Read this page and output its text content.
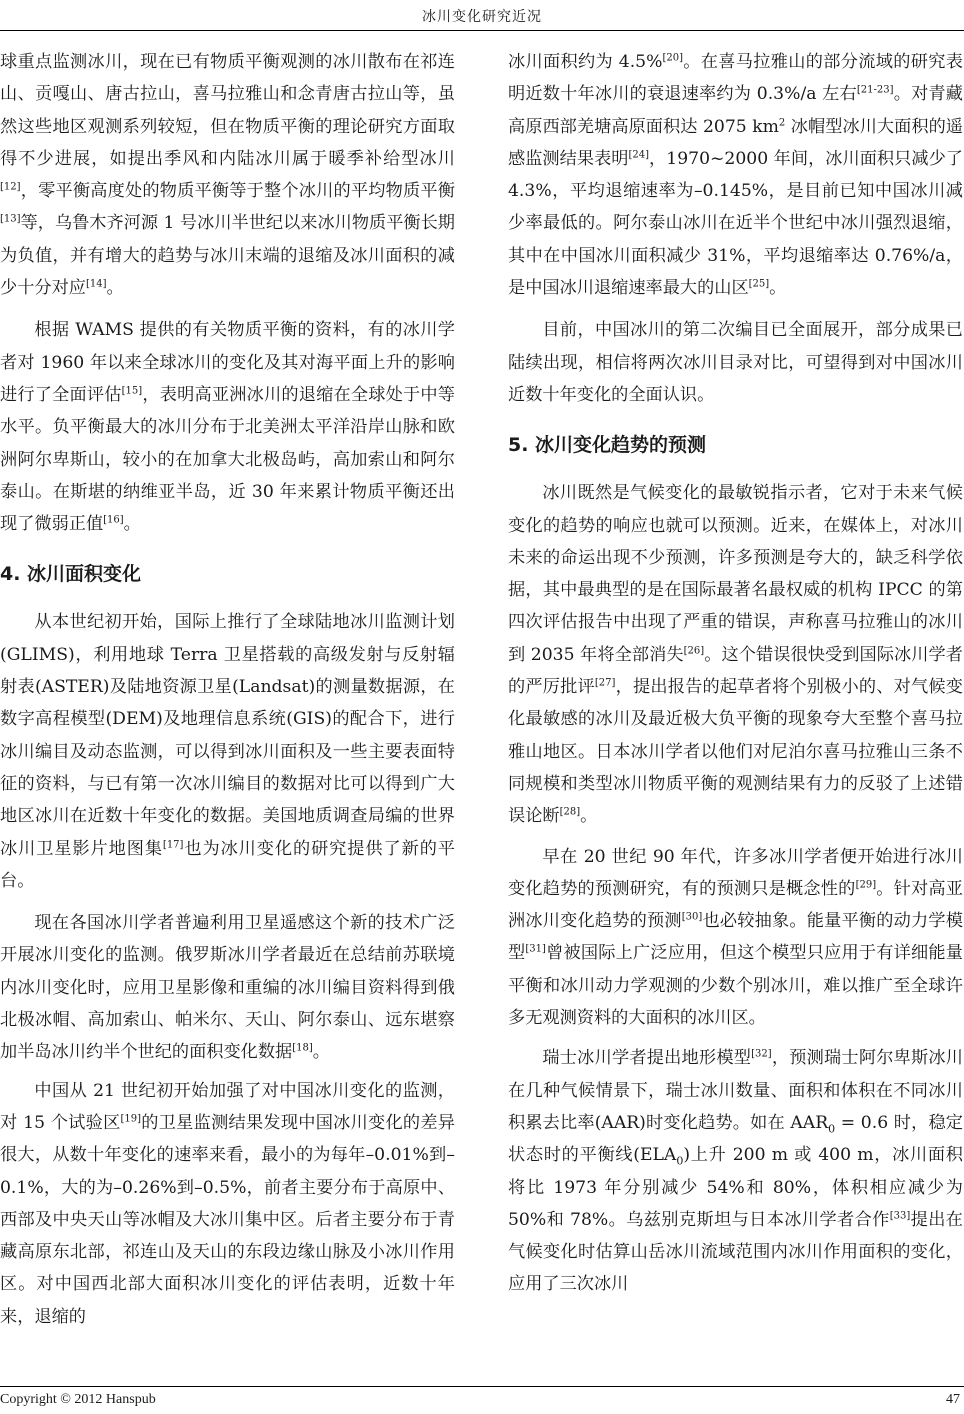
冰川变化研究近况

球重点监测冰川，现在已有物质平衡观测的冰川散布在祁连山、贡嘎山、唐古拉山，喜马拉雅山和念青唐古拉山等，虽然这些地区观测系列较短，但在物质平衡的理论研究方面取得不少进展，如提出季风和内陆冰川属于暖季补给型冰川[12]，零平衡高度处的物质平衡等于整个冰川的平均物质平衡[13]等，乌鲁木齐河源 1 号冰川半世纪以来冰川物质平衡长期为负值，并有增大的趋势与冰川末端的退缩及冰川面积的减少十分对应[14]。

根据 WAMS 提供的有关物质平衡的资料，有的冰川学者对 1960 年以来全球冰川的变化及其对海平面上升的影响进行了全面评估[15]，表明高亚洲冰川的退缩在全球处于中等水平。负平衡最大的冰川分布于北美洲太平洋沿岸山脉和欧洲阿尔卑斯山，较小的在加拿大北极岛屿，高加索山和阿尔泰山。在斯堪的纳维亚半岛，近 30 年来累计物质平衡还出现了微弱正值[16]。

4. 冰川面积变化

从本世纪初开始，国际上推行了全球陆地冰川监测计划(GLIMS)，利用地球 Terra 卫星搭载的高级发射与反射辐射表(ASTER)及陆地资源卫星(Landsat)的测量数据源，在数字高程模型(DEM)及地理信息系统(GIS)的配合下，进行冰川编目及动态监测，可以得到冰川面积及一些主要表面特征的资料，与已有第一次冰川编目的数据对比可以得到广大地区冰川在近数十年变化的数据。美国地质调查局编的世界冰川卫星影片地图集[17]也为冰川变化的研究提供了新的平台。

现在各国冰川学者普遍利用卫星遥感这个新的技术广泛开展冰川变化的监测。俄罗斯冰川学者最近在总结前苏联境内冰川变化时，应用卫星影像和重编的冰川编目资料得到俄北极冰帽、高加索山、帕米尔、天山、阿尔泰山、远东堪察加半岛冰川约半个世纪的面积变化数据[18]。

中国从 21 世纪初开始加强了对中国冰川变化的监测，对 15 个试验区[19]的卫星监测结果发现中国冰川变化的差异很大，从数十年变化的速率来看，最小的为每年–0.01%到–0.1%，大的为–0.26%到–0.5%，前者主要分布于高原中、西部及中央天山等冰帽及大冰川集中区。后者主要分布于青藏高原东北部，祁连山及天山的东段边缘山脉及小冰川作用区。对中国西北部大面积冰川变化的评估表明，近数十年来，退缩的

冰川面积约为 4.5%[20]。在喜马拉雅山的部分流域的研究表明近数十年冰川的衰退速率约为 0.3%/a 左右[21-23]。对青藏高原西部羌塘高原面积达 2075 $km^2$ 冰帽型冰川大面积的遥感监测结果表明[24]，1970~2000 年间，冰川面积只减少了 4.3%，平均退缩速率为–0.145%，是目前已知中国冰川减少率最低的。阿尔泰山冰川在近半个世纪中冰川强烈退缩，其中在中国冰川面积减少 31%，平均退缩率达 0.76%/a，是中国冰川退缩速率最大的山区[25]。

目前，中国冰川的第二次编目已全面展开，部分成果已陆续出现，相信将两次冰川目录对比，可望得到对中国冰川近数十年变化的全面认识。

5. 冰川变化趋势的预测

冰川既然是气候变化的最敏锐指示者，它对于未来气候变化的趋势的响应也就可以预测。近来，在媒体上，对冰川未来的命运出现不少预测，许多预测是夸大的，缺乏科学依据，其中最典型的是在国际最著名最权威的机构 IPCC 的第四次评估报告中出现了严重的错误，声称喜马拉雅山的冰川到 2035 年将全部消失[26]。这个错误很快受到国际冰川学者的严厉批评[27]，提出报告的起草者将个别极小的、对气候变化最敏感的冰川及最近极大负平衡的现象夸大至整个喜马拉雅山地区。日本冰川学者以他们对尼泊尔喜马拉雅山三条不同规模和类型冰川物质平衡的观测结果有力的反驳了上述错误论断[28]。

早在 20 世纪 90 年代，许多冰川学者便开始进行冰川变化趋势的预测研究，有的预测只是概念性的[29]。针对高亚洲冰川变化趋势的预测[30]也必较抽象。能量平衡的动力学模型[31]曾被国际上广泛应用，但这个模型只应用于有详细能量平衡和冰川动力学观测的少数个别冰川，难以推广至全球许多无观测资料的大面积的冰川区。

瑞士冰川学者提出地形模型[32]，预测瑞士阿尔卑斯冰川在几种气候情景下，瑞士冰川数量、面积和体积在不同冰川积累去比率(AAR)时变化趋势。如在 $AAR_0 = 0.6$ 时，稳定状态时的平衡线$(ELA_0)$上升 200 m 或 400 m，冰川面积将比 1973 年分别减少 54%和 80%，体积相应减少为 50%和 78%。乌兹别克斯坦与日本冰川学者合作[33]提出在气候变化时估算山岳冰川流域范围内冰川作用面积的变化，应用了三次冰川

Copyright © 2012 Hanspub	47
